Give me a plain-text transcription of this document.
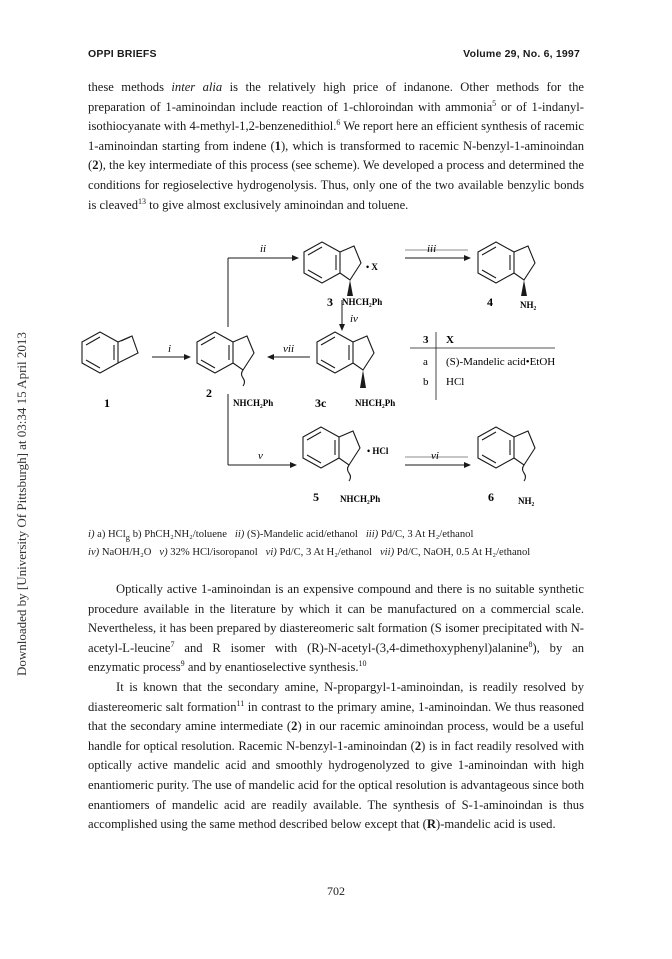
OPPI BRIEFS	Volume 29, No. 6, 1997
Downloaded by [University Of Pittsburgh] at 03:34 15 April 2013

these methods inter alia is the relatively high price of indanone. Other methods for the preparation of 1-aminoindan include reaction of 1-chloroindan with ammonia$^5$ or of 1-indanyl-isothiocyanate with 4-methyl-1,2-benzenedithiol.$^6$ We report here an efficient synthesis of racemic 1-aminoindan starting from indene (1), which is transformed to racemic N-benzyl-1-aminoindan (2), the key intermediate of this process (see scheme). We developed a process and determined the conditions for regioselective hydrogenolysis. Thus, only one of the two available benzylic bonds is cleaved$^{13}$ to give almost exclusively aminoindan and toluene.

i	vii
ii	iii
iv
v	vi
1
2
3
3c
4
5	6
NHCH₂Ph	NHCH₂Ph
NHCH₂Ph	NH₂
NHCH₂Ph	NH₂
• X
• HCl
3 X
a (S)-Mandelic acid•EtOH
b HCl
i) a) HCl$_g$ b) PhCH₂NH₂/toluene ii) (S)-Mandelic acid/ethanol iii) Pd/C, 3 At H₂/ethanol
iv) NaOH/H₂O v) 32% HCl/isoropanol vi) Pd/C, 3 At H₂/ethanol vii) Pd/C, NaOH, 0.5 At H₂/ethanol

Optically active 1-aminoindan is an expensive compound and there is no suitable synthetic procedure available in the literature by which it can be manufactured on a commercial scale. Nevertheless, it has been prepared by diastereomeric salt formation (S isomer precipitated with N-acetyl-L-leucine$^7$ and R isomer with (R)-N-acetyl-(3,4-dimethoxyphenyl)alanine$^8$), by an enzymatic process$^9$ and by enantioselective synthesis.$^{10}$

It is known that the secondary amine, N-propargyl-1-aminoindan, is readily resolved by diastereomeric salt formation$^{11}$ in contrast to the primary amine, 1-aminoindan. We thus reasoned that the secondary amine intermediate (2) in our racemic aminoindan process, would be a useful handle for optical resolution. Racemic N-benzyl-1-aminoindan (2) is in fact readily resolved with optically active mandelic acid and smoothly hydrogenolyzed to give 1-aminoindan with high enantiomeric purity. The use of mandelic acid for the optical resolution is advantageous since both enantiomers of mandelic acid are readily available. The synthesis of S-1-aminoindan is thus accomplished using the same method described below except that (R)-mandelic acid is used.

702
